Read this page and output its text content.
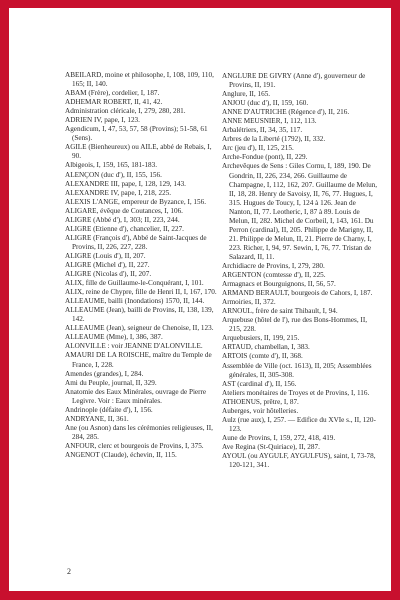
ABEILARD, moine et philosophe, I, 108, 109, 110, 165; II, 140.
ABAM (Frère), cordelier, I, 187.
ADHEMAR ROBERT, II, 41, 42.
Administration cléricale, I, 279, 280, 281.
ADRIEN IV, pape, I, 123.
Agendicum, I, 47, 53, 57, 58 (Provins); 51-58, 61 (Sens).
AGILE (Bienheureux) ou AILE, abbé de Rebais, I, 90.
Albigeois, I, 159, 165, 181-183.
ALENÇON (duc d'), II, 155, 156.
ALEXANDRE III, pape, I, 128, 129, 143.
ALEXANDRE IV, pape, I, 218, 225.
ALEXIS L'ANGE, empereur de Byzance, I, 156.
ALIGARE, évêque de Coutances, I, 106.
ALIGRE (Abbé d'), I, 303; II, 223, 244.
ALIGRE (Etienne d'), chancelier, II, 227.
ALIGRE (François d'), Abbé de Saint-Jacques de Provins, II, 226, 227, 228.
ALIGRE (Louis d'), II, 207.
ALIGRE (Michel d'), II, 227.
ALIGRE (Nicolas d'), II, 207.
ALIX, fille de Guillaume-le-Conquérant, I, 101.
ALIX, reine de Chypre, fille de Henri II, I, 167, 170.
ALLEAUME, bailli (Inondations) 1570, II, 144.
ALLEAUME (Jean), bailli de Provins, II, 138, 139, 142.
ALLEAUME (Jean), seigneur de Chenoise, II, 123.
ALLEAUME (Mme), I, 386, 387.
ALONVILLE : voir JEANNE D'ALONVILLE.
AMAURI DE LA ROISCHE, maître du Temple de France, I, 228.
Amendes (grandes), I, 284.
Ami du Peuple, journal, II, 329.
Anatomie des Eaux Minérales, ouvrage de Pierre Legivre. Voir : Eaux minérales.
Andrinople (défaite d'), I, 156.
ANDRYANE, II, 361.
Ane (ou Asnon) dans les cérémonies religieuses, II, 284, 285.
ANFOUR, clerc et bourgeois de Provins, I, 375.
ANGENOT (Claude), échevin, II, 115.
ANGLURE DE GIVRY (Anne d'), gouverneur de Provins, II, 191.
Anglure, II, 165.
ANJOU (duc d'), II, 159, 160.
ANNE D'AUTRICHE (Régence d'), II, 216.
ANNE MEUSNIER, I, 112, 113.
Arbalétriers, II, 34, 35, 117.
Arbres de la Liberté (1792), II, 332.
Arc (jeu d'), II, 125, 215.
Arche-Fondue (pont), II, 229.
Archevêques de Sens : Giles Cornu, I, 189, 190. De Gondrin, II, 226, 234, 266. Guillaume de Champagne, I, 112, 162, 207. Guillaume de Melun, II, 18, 28. Henry de Savoisy, II, 76, 77. Hugues, I, 315. Hugues de Toucy, I, 124 à 126. Jean de Nanton, II, 77. Leotheric, I, 87 à 89. Louis de Melun, II, 282. Michel de Corbeil, I, 143, 161. Du Perron (cardinal), II, 205. Philippe de Marigny, II, 21. Philippe de Melun, II, 21. Pierre de Charny, I, 223. Richer, I, 94, 97. Sewin, I, 76, 77. Tristan de Salazard, II, 11.
Archidiacre de Provins, I, 279, 280.
ARGENTON (comtesse d'), II, 225.
Armagnacs et Bourguignons, II, 56, 57.
ARMAND BERAULT, bourgeois de Cahors, I, 187.
Armoiries, II, 372.
ARNOUL, frère de saint Thibault, I, 94.
Arquebuse (hôtel de l'), rue des Bons-Hommes, II, 215, 228.
Arquebusiers, II, 199, 215.
ARTAUD, chambellan, I, 383.
ARTOIS (comte d'), II, 368.
Assemblée de Ville (oct. 1613), II, 205; Assemblées générales, II, 305-308.
AST (cardinal d'), II, 156.
Ateliers monétaires de Troyes et de Provins, I, 116.
ATHOENUS, prêtre, I, 87.
Auberges, voir hôtelleries.
Aulz (rue aux), I, 257. — Edifice du XVIe s., II, 120-123.
Aune de Provins, I, 159, 272, 418, 419.
Ave Regina (St-Quiriace), II, 287.
AYOUL (ou AYGULF, AYGULFUS), saint, I, 73-78, 120-121, 341.
2
